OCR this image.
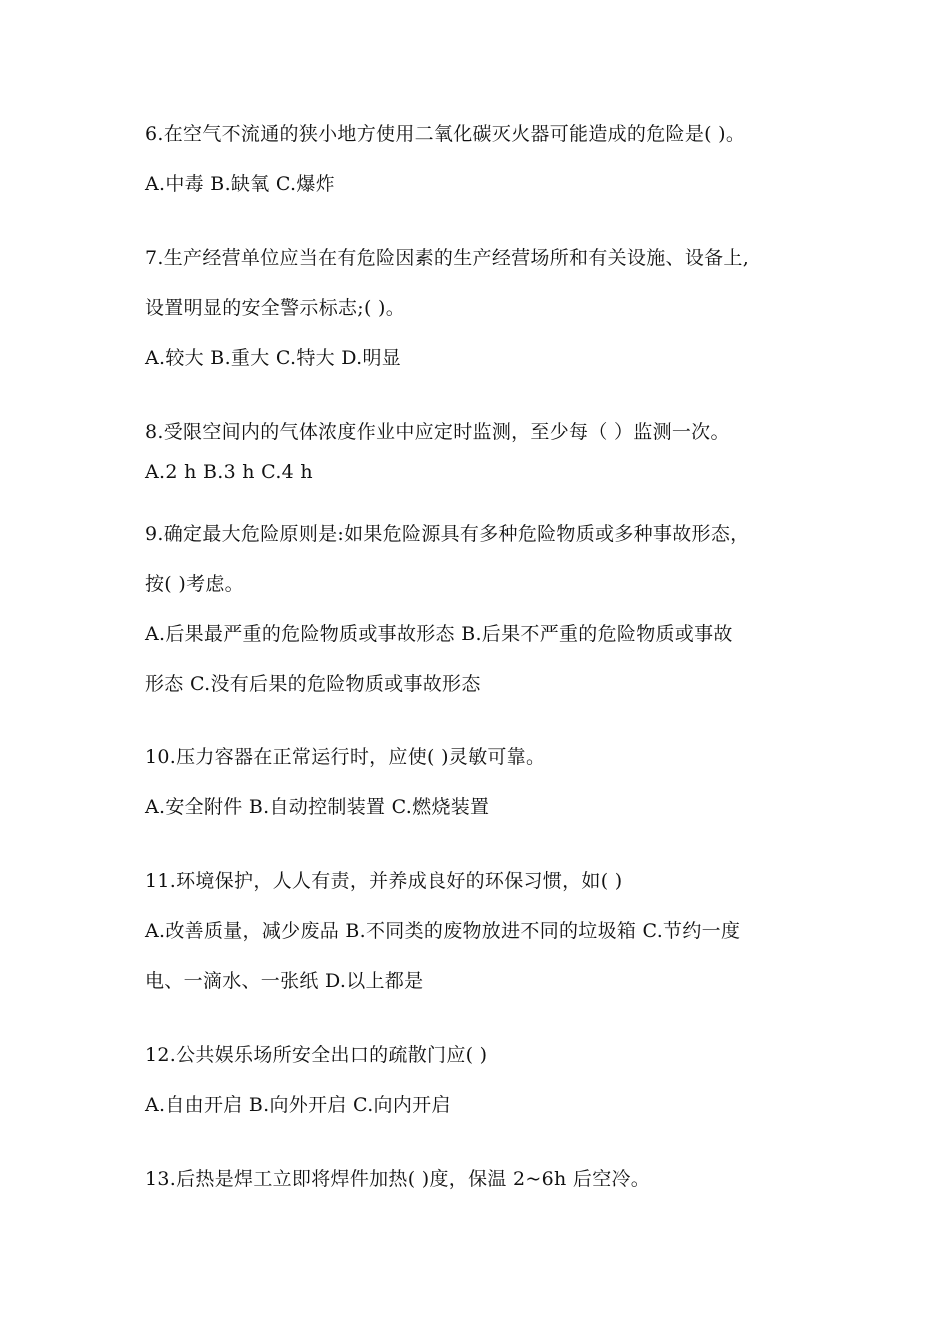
6.在空气不流通的狭小地方使用二氧化碳灭火器可能造成的危险是( )。
A.中毒 B.缺氧 C.爆炸
7.生产经营单位应当在有危险因素的生产经营场所和有关设施、设备上,
设置明显的安全警示标志;( )。
A.较大 B.重大 C.特大 D.明显
8.受限空间内的气体浓度作业中应定时监测，至少每（ ）监测一次。
A.2 h B.3 h C.4 h
9.确定最大危险原则是:如果危险源具有多种危险物质或多种事故形态，
按( )考虑。
A.后果最严重的危险物质或事故形态 B.后果不严重的危险物质或事故
形态 C.没有后果的危险物质或事故形态
10.压力容器在正常运行时，应使( )灵敏可靠。
A.安全附件 B.自动控制装置 C.燃烧装置
11.环境保护，人人有责，并养成良好的环保习惯，如( )
A.改善质量，减少废品 B.不同类的废物放进不同的垃圾箱 C.节约一度
电、一滴水、一张纸 D.以上都是
12.公共娱乐场所安全出口的疏散门应( )
A.自由开启 B.向外开启 C.向内开启
13.后热是焊工立即将焊件加热( )度，保温 2~6h 后空冷。
